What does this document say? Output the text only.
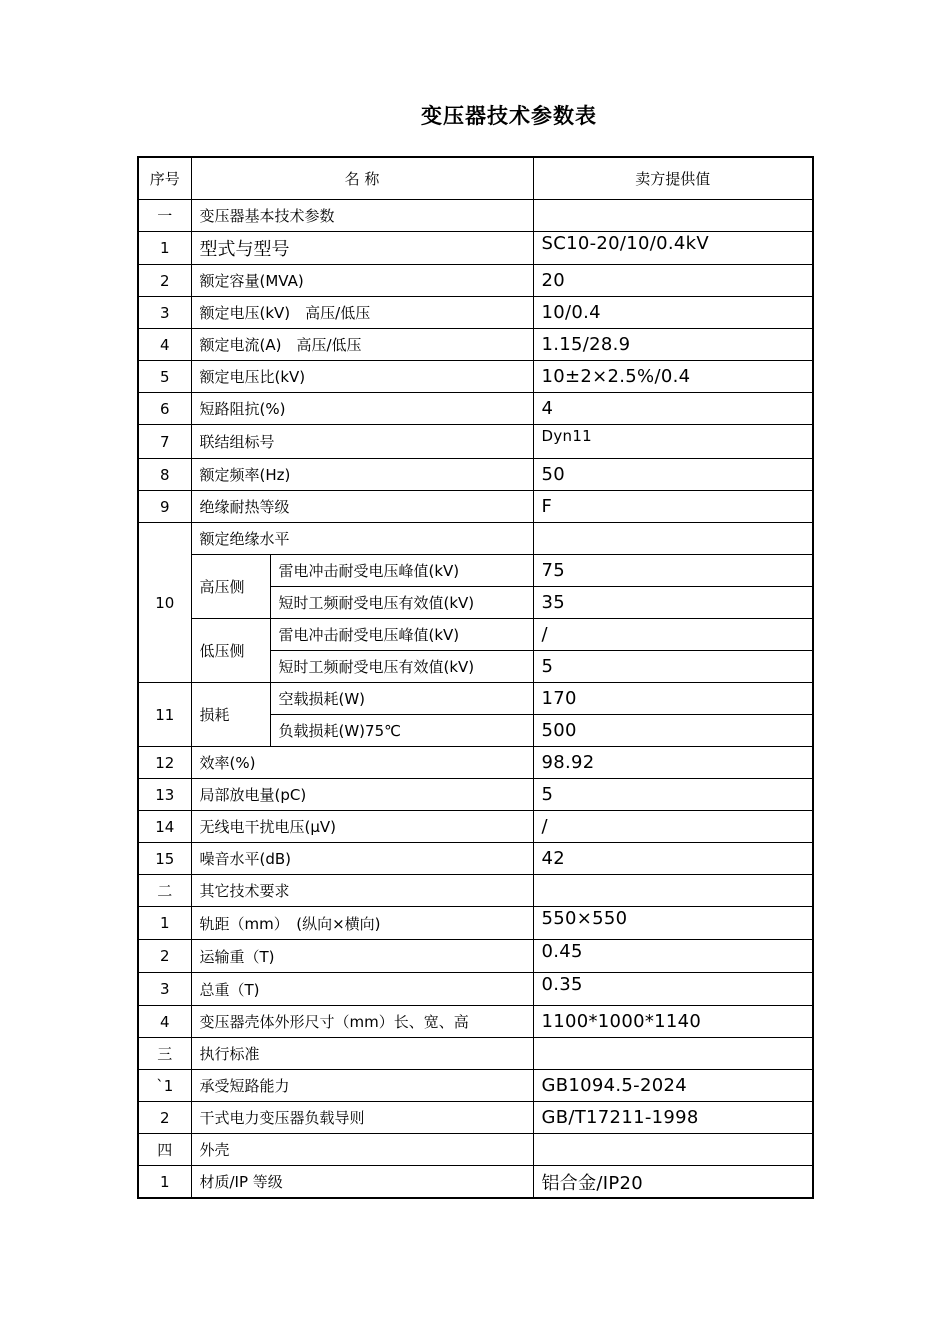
变压器技术参数表
序号	名 称		卖方提供值
一	变压器基本技术参数		
1	型式与型号		SC10-20/10/0.4kV
2	额定容量(MVA)		20
3	额定电压(kV)　高压/低压		10/0.4
4	额定电流(A)　高压/低压		1.15/28.9
5	额定电压比(kV)		10±2×2.5%/0.4
6	短路阻抗(%)		4
7	联结组标号		Dyn11
8	额定频率(Hz)		50
9	绝缘耐热等级		F
10	额定绝缘水平		
	高压侧	雷电冲击耐受电压峰值(kV)	75
		短时工频耐受电压有效值(kV)	35
	低压侧	雷电冲击耐受电压峰值(kV)	/
		短时工频耐受电压有效值(kV)	5
11	损耗	空载损耗(W)	170
		负载损耗(W)75℃	500
12	效率(%)		98.92
13	局部放电量(pC)		5
14	无线电干扰电压(μV)		/
15	噪音水平(dB)		42
二	其它技术要求		
1	轨距（mm）　(纵向×横向)		550×550
2	运输重（T)		0.45
3	总重（T)		0.35
4	变压器壳体外形尺寸（mm）长、宽、高		1100*1000*1140
三	执行标准		
`1	承受短路能力		GB1094.5-2024
2	干式电力变压器负载导则		GB/T17211-1998
四	外壳		
1	材质/IP 等级		铝合金/IP20
